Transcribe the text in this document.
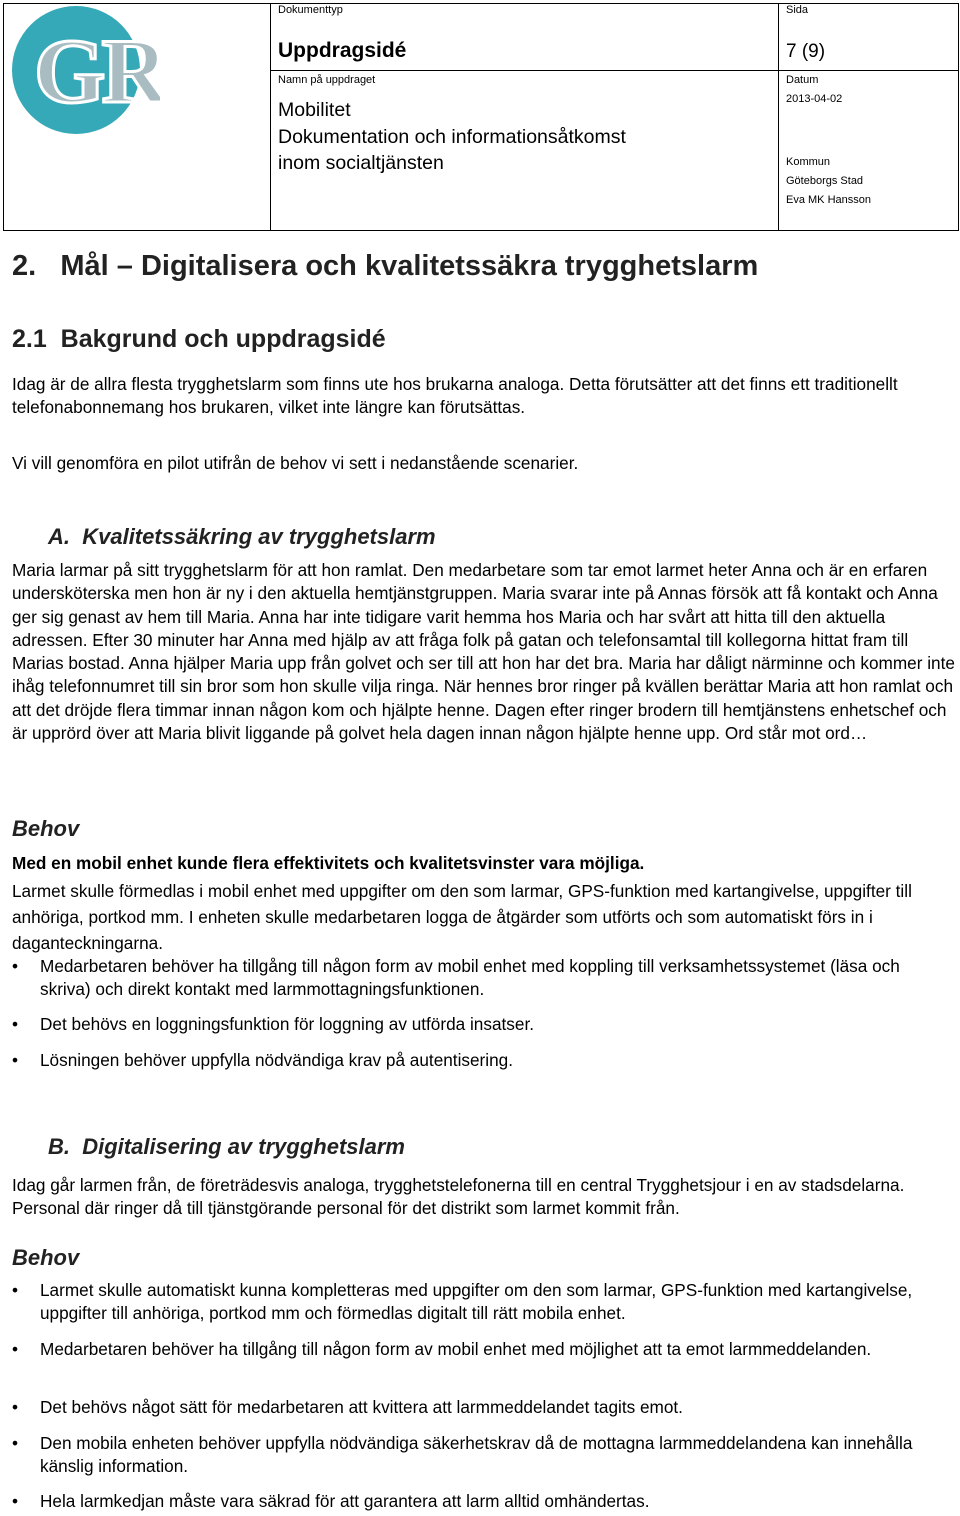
GR
Dokumenttyp
Uppdragsidé
Sida
7 (9)
Namn på uppdraget
Mobilitet
Dokumentation och informationsåtkomst
inom socialtjänsten
Datum
2013-04-02
Kommun
Göteborgs Stad
Eva MK Hansson
2.   Mål – Digitalisera och kvalitetssäkra trygghetslarm
2.1  Bakgrund och uppdragsidé

Idag är de allra flesta trygghetslarm som finns ute hos brukarna analoga. Detta förutsätter att det finns ett traditionellt telefonabonnemang hos brukaren, vilket inte längre kan förutsättas.

Vi vill genomföra en pilot utifrån de behov vi sett i nedanstående scenarier.

A.  Kvalitetssäkring av trygghetslarm

Maria larmar på sitt trygghetslarm för att hon ramlat. Den medarbetare som tar emot larmet heter Anna och är en erfaren undersköterska men hon är ny i den aktuella hemtjänstgruppen. Maria svarar inte på Annas försök att få kontakt och Anna ger sig genast av hem till Maria. Anna har inte tidigare varit hemma hos Maria och har svårt att hitta till den aktuella adressen. Efter 30 minuter har Anna med hjälp av att fråga folk på gatan och telefonsamtal till kollegorna hittat fram till Marias bostad. Anna hjälper Maria upp från golvet och ser till att hon har det bra. Maria har dåligt närminne och kommer inte ihåg telefonnumret till sin bror som hon skulle vilja ringa. När hennes bror ringer på kvällen berättar Maria att hon ramlat och att det dröjde flera timmar innan någon kom och hjälpte henne. Dagen efter ringer brodern till hemtjänstens enhetschef och är upprörd över att Maria blivit liggande på golvet hela dagen innan någon hjälpte henne upp. Ord står mot ord…

Behov

Med en mobil enhet kunde flera effektivitets och kvalitetsvinster vara möjliga.

Larmet skulle förmedlas i mobil enhet med uppgifter om den som larmar, GPS-funktion med kartangivelse, uppgifter till anhöriga, portkod mm. I enheten skulle medarbetaren logga de åtgärder som utförts och som automatiskt förs in i daganteckningarna.

• Medarbetaren behöver ha tillgång till någon form av mobil enhet med koppling till verksamhetssystemet (läsa och skriva) och direkt kontakt med larmmottagningsfunktionen.
• Det behövs en loggningsfunktion för loggning av utförda insatser.
• Lösningen behöver uppfylla nödvändiga krav på autentisering.
B.  Digitalisering av trygghetslarm

Idag går larmen från, de företrädesvis analoga, trygghetstelefonerna till en central Trygghetsjour i en av stadsdelarna. Personal där ringer då till tjänstgörande personal för det distrikt som larmet kommit från.

Behov
• Larmet skulle automatiskt kunna kompletteras med uppgifter om den som larmar, GPS-funktion med kartangivelse, uppgifter till anhöriga, portkod mm och förmedlas digitalt till rätt mobila enhet.
• Medarbetaren behöver ha tillgång till någon form av mobil enhet med möjlighet att ta emot larmmeddelanden.
• Det behövs något sätt för medarbetaren att kvittera att larmmeddelandet tagits emot.
• Den mobila enheten behöver uppfylla nödvändiga säkerhetskrav då de mottagna larmmeddelandena kan innehålla känslig information.
• Hela larmkedjan måste vara säkrad för att garantera att larm alltid omhändertas.
